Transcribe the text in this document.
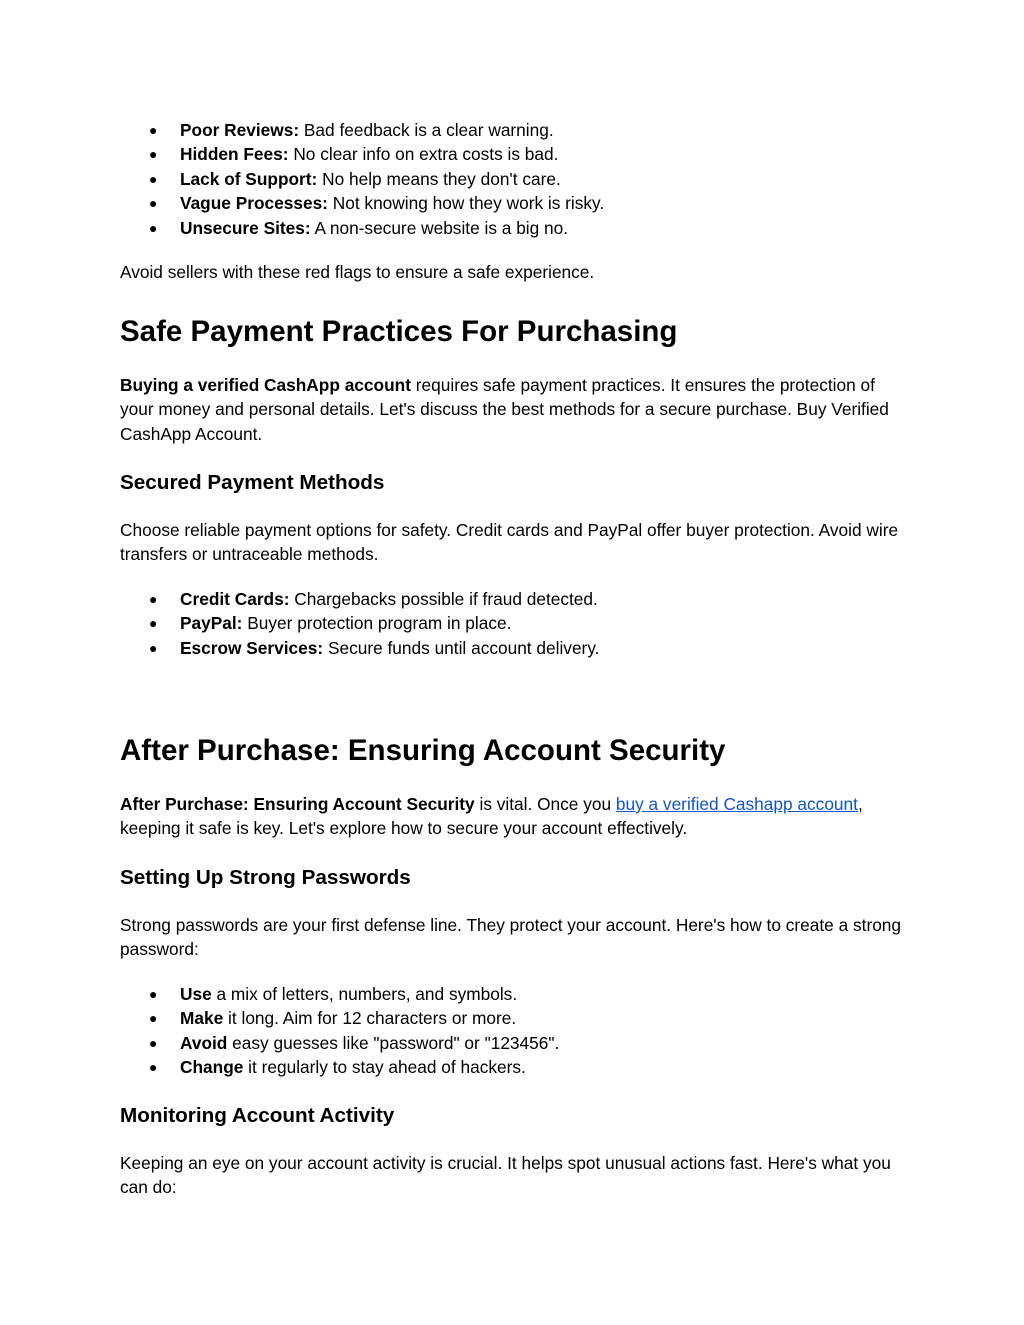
● Poor Reviews: Bad feedback is a clear warning.
● Hidden Fees: No clear info on extra costs is bad.
● Lack of Support: No help means they don't care.
● Vague Processes: Not knowing how they work is risky.
● Unsecure Sites: A non-secure website is a big no.

Avoid sellers with these red flags to ensure a safe experience.

Safe Payment Practices For Purchasing

Buying a verified CashApp account requires safe payment practices. It ensures the protection of your money and personal details. Let's discuss the best methods for a secure purchase. Buy Verified CashApp Account.

Secured Payment Methods

Choose reliable payment options for safety. Credit cards and PayPal offer buyer protection. Avoid wire transfers or untraceable methods.

● Credit Cards: Chargebacks possible if fraud detected.
● PayPal: Buyer protection program in place.
● Escrow Services: Secure funds until account delivery.
After Purchase: Ensuring Account Security

After Purchase: Ensuring Account Security is vital. Once you buy a verified Cashapp account, keeping it safe is key. Let's explore how to secure your account effectively.

Setting Up Strong Passwords

Strong passwords are your first defense line. They protect your account. Here's how to create a strong password:

● Use a mix of letters, numbers, and symbols.
● Make it long. Aim for 12 characters or more.
● Avoid easy guesses like "password" or "123456".
● Change it regularly to stay ahead of hackers.
Monitoring Account Activity

Keeping an eye on your account activity is crucial. It helps spot unusual actions fast. Here's what you can do:
